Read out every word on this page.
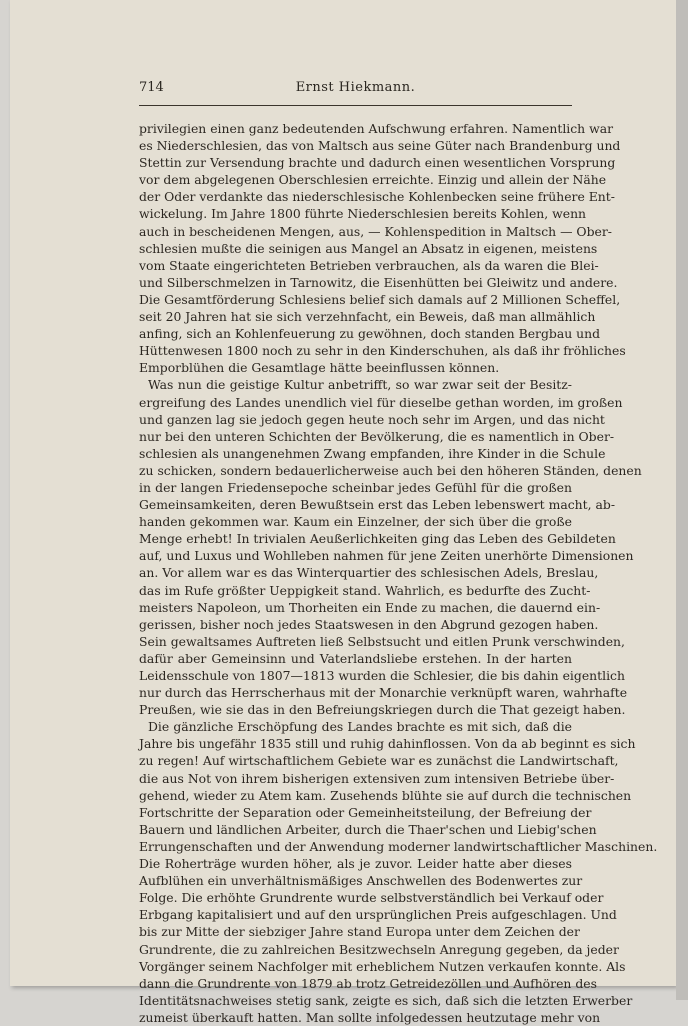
714	Ernst Hiekmann.
privilegien einen ganz bedeutenden Aufschwung erfahren. Namentlich war
es Niederschlesien, das von Maltsch aus seine Güter nach Brandenburg und
Stettin zur Versendung brachte und dadurch einen wesentlichen Vorsprung
vor dem abgelegenen Oberschlesien erreichte. Einzig und allein der Nähe
der Oder verdankte das niederschlesische Kohlenbecken seine frühere Ent-
wickelung. Im Jahre 1800 führte Niederschlesien bereits Kohlen, wenn
auch in bescheidenen Mengen, aus, — Kohlenspedition in Maltsch — Ober-
schlesien mußte die seinigen aus Mangel an Absatz in eigenen, meistens
vom Staate eingerichteten Betrieben verbrauchen, als da waren die Blei-
und Silberschmelzen in Tarnowitz, die Eisenhütten bei Gleiwitz und andere.
Die Gesamtförderung Schlesiens belief sich damals auf 2 Millionen Scheffel,
seit 20 Jahren hat sie sich verzehnfacht, ein Beweis, daß man allmählich
anfing, sich an Kohlenfeuerung zu gewöhnen, doch standen Bergbau und
Hüttenwesen 1800 noch zu sehr in den Kinderschuhen, als daß ihr fröhliches
Emporblühen die Gesamtlage hätte beeinflussen können.
Was nun die geistige Kultur anbetrifft, so war zwar seit der Besitz-
ergreifung des Landes unendlich viel für dieselbe gethan worden, im großen
und ganzen lag sie jedoch gegen heute noch sehr im Argen, und das nicht
nur bei den unteren Schichten der Bevölkerung, die es namentlich in Ober-
schlesien als unangenehmen Zwang empfanden, ihre Kinder in die Schule
zu schicken, sondern bedauerlicherweise auch bei den höheren Ständen, denen
in der langen Friedensepoche scheinbar jedes Gefühl für die großen
Gemeinsamkeiten, deren Bewußtsein erst das Leben lebenswert macht, ab-
handen gekommen war. Kaum ein Einzelner, der sich über die große
Menge erhebt! In trivialen Aeußerlichkeiten ging das Leben des Gebildeten
auf, und Luxus und Wohlleben nahmen für jene Zeiten unerhörte Dimensionen
an. Vor allem war es das Winterquartier des schlesischen Adels, Breslau,
das im Rufe größter Ueppigkeit stand. Wahrlich, es bedurfte des Zucht-
meisters Napoleon, um Thorheiten ein Ende zu machen, die dauernd ein-
gerissen, bisher noch jedes Staatswesen in den Abgrund gezogen haben.
Sein gewaltsames Auftreten ließ Selbstsucht und eitlen Prunk verschwinden,
dafür aber Gemeinsinn und Vaterlandsliebe erstehen. In der harten
Leidensschule von 1807—1813 wurden die Schlesier, die bis dahin eigentlich
nur durch das Herrscherhaus mit der Monarchie verknüpft waren, wahrhafte
Preußen, wie sie das in den Befreiungskriegen durch die That gezeigt haben.
Die gänzliche Erschöpfung des Landes brachte es mit sich, daß die
Jahre bis ungefähr 1835 still und ruhig dahinflossen. Von da ab beginnt es sich
zu regen! Auf wirtschaftlichem Gebiete war es zunächst die Landwirtschaft,
die aus Not von ihrem bisherigen extensiven zum intensiven Betriebe über-
gehend, wieder zu Atem kam. Zusehends blühte sie auf durch die technischen
Fortschritte der Separation oder Gemeinheitsteilung, der Befreiung der
Bauern und ländlichen Arbeiter, durch die Thaer'schen und Liebig'schen
Errungenschaften und der Anwendung moderner landwirtschaftlicher Maschinen.
Die Roherträge wurden höher, als je zuvor. Leider hatte aber dieses
Aufblühen ein unverhältnismäßiges Anschwellen des Bodenwertes zur
Folge. Die erhöhte Grundrente wurde selbstverständlich bei Verkauf oder
Erbgang kapitalisiert und auf den ursprünglichen Preis aufgeschlagen. Und
bis zur Mitte der siebziger Jahre stand Europa unter dem Zeichen der
Grundrente, die zu zahlreichen Besitzwechseln Anregung gegeben, da jeder
Vorgänger seinem Nachfolger mit erheblichem Nutzen verkaufen konnte. Als
dann die Grundrente von 1879 ab trotz Getreidezöllen und Aufhören des
Identitätsnachweises stetig sank, zeigte es sich, daß sich die letzten Erwerber
zumeist überkauft hatten. Man sollte infolgedessen heutzutage mehr von
